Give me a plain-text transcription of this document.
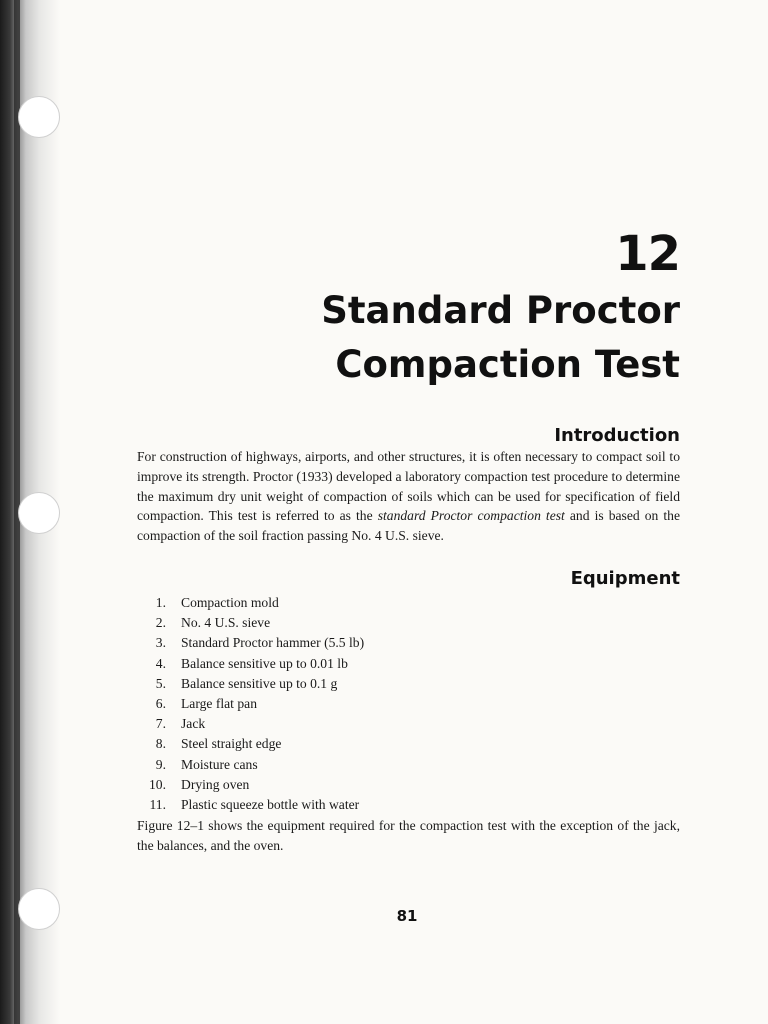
12
Standard Proctor
Compaction Test
Introduction

For construction of highways, airports, and other structures, it is often necessary to compact soil to improve its strength. Proctor (1933) developed a laboratory compaction test procedure to determine the maximum dry unit weight of compaction of soils which can be used for specification of field compaction. This test is referred to as the standard Proctor compaction test and is based on the compaction of the soil fraction passing No. 4 U.S. sieve.

Equipment
1.	Compaction mold
2.	No. 4 U.S. sieve
3.	Standard Proctor hammer (5.5 lb)
4.	Balance sensitive up to 0.01 lb
5.	Balance sensitive up to 0.1 g
6.	Large flat pan
7.	Jack
8.	Steel straight edge
9.	Moisture cans
10.	Drying oven
11.	Plastic squeeze bottle with water

Figure 12–1 shows the equipment required for the compaction test with the exception of the jack, the balances, and the oven.

81
